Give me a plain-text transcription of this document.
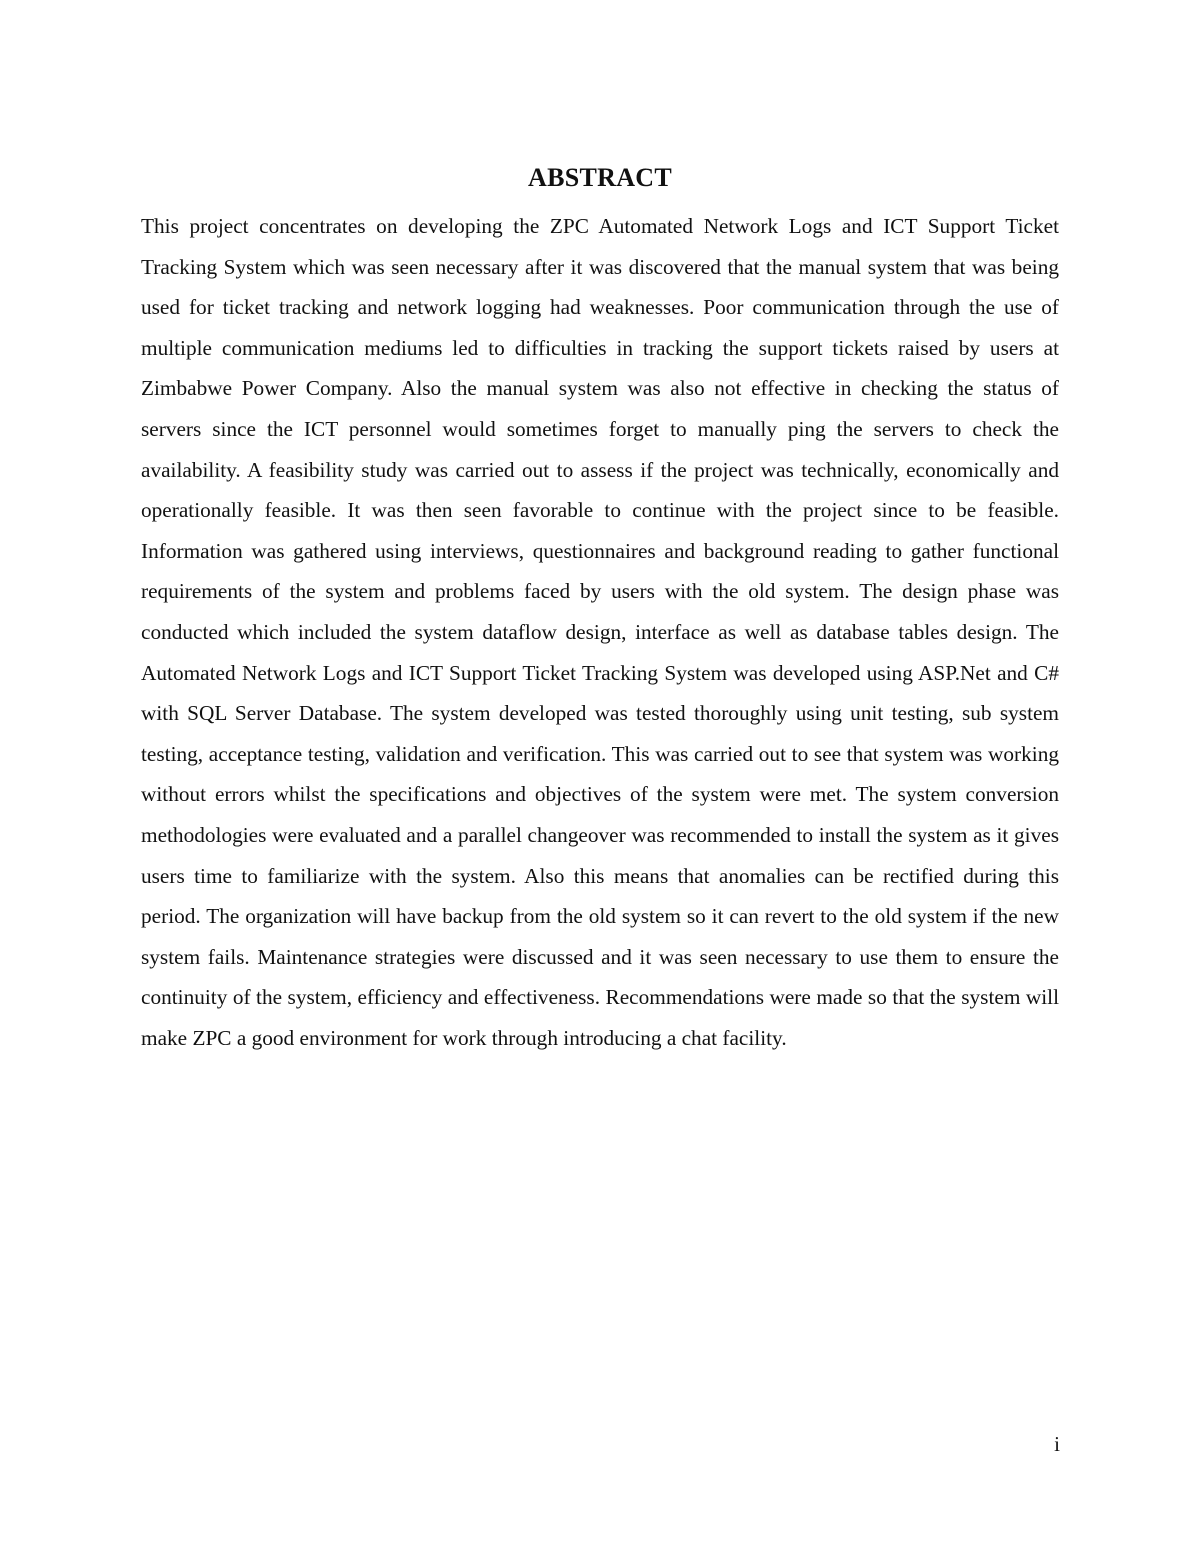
ABSTRACT

This project concentrates on developing the ZPC Automated Network Logs and ICT Support Ticket Tracking System which was seen necessary after it was discovered that the manual system that was being used for ticket tracking and network logging had weaknesses. Poor communication through the use of multiple communication mediums led to difficulties in tracking the support tickets raised by users at Zimbabwe Power Company. Also the manual system was also not effective in checking the status of servers since the ICT personnel would sometimes forget to manually ping the servers to check the availability. A feasibility study was carried out to assess if the project was technically, economically and operationally feasible. It was then seen favorable to continue with the project since to be feasible. Information was gathered using interviews, questionnaires and background reading to gather functional requirements of the system and problems faced by users with the old system. The design phase was conducted which included the system dataflow design, interface as well as database tables design. The Automated Network Logs and ICT Support Ticket Tracking System was developed using ASP.Net and C# with SQL Server Database. The system developed was tested thoroughly using unit testing, sub system testing, acceptance testing, validation and verification. This was carried out to see that system was working without errors whilst the specifications and objectives of the system were met. The system conversion methodologies were evaluated and a parallel changeover was recommended to install the system as it gives users time to familiarize with the system. Also this means that anomalies can be rectified during this period. The organization will have backup from the old system so it can revert to the old system if the new system fails. Maintenance strategies were discussed and it was seen necessary to use them to ensure the continuity of the system, efficiency and effectiveness. Recommendations were made so that the system will make ZPC a good environment for work through introducing a chat facility.

i
